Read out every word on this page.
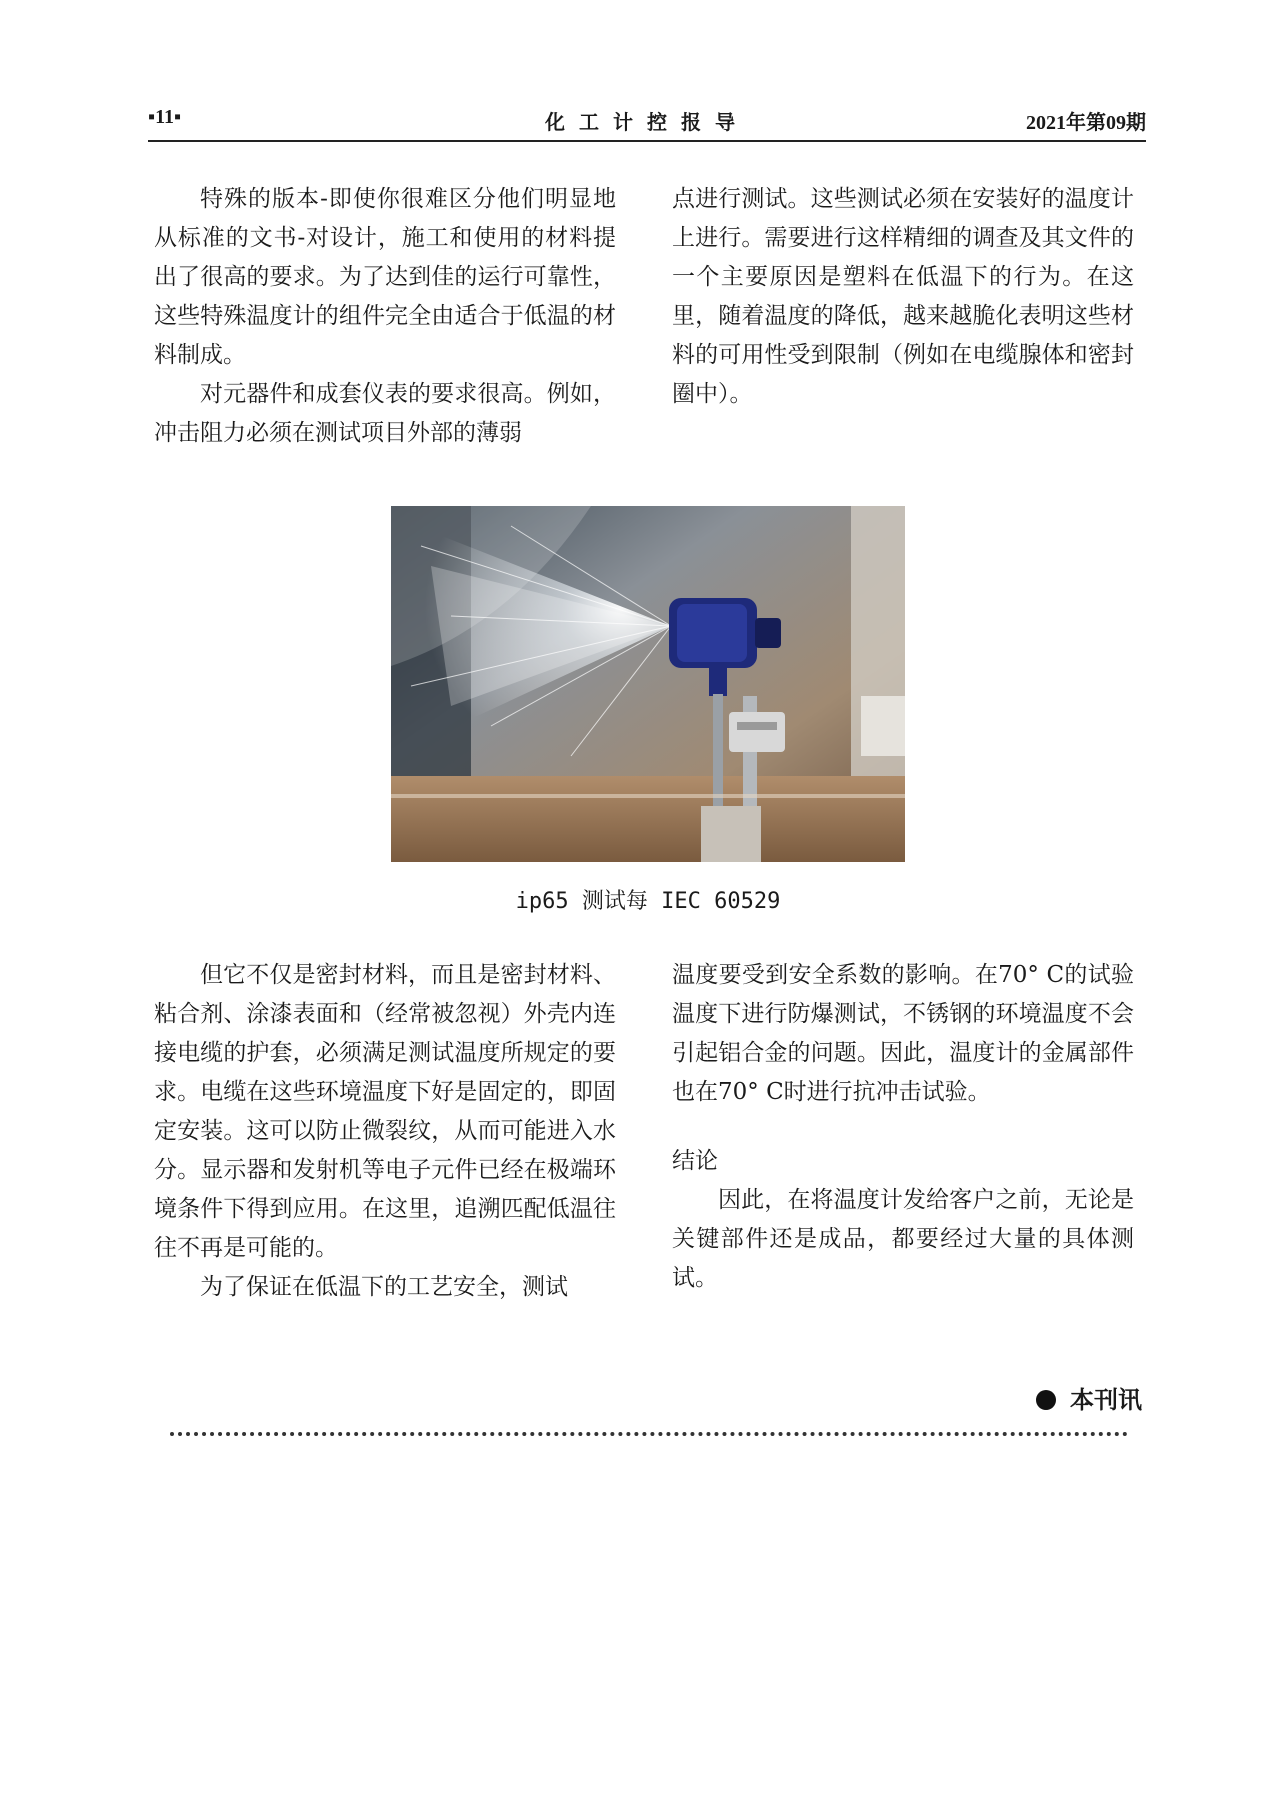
▪11▪	化工计控报导	2021年第09期

特殊的版本-即使你很难区分他们明显地从标准的文书-对设计，施工和使用的材料提出了很高的要求。为了达到佳的运行可靠性，这些特殊温度计的组件完全由适合于低温的材料制成。

对元器件和成套仪表的要求很高。例如，冲击阻力必须在测试项目外部的薄弱

点进行测试。这些测试必须在安装好的温度计上进行。需要进行这样精细的调查及其文件的一个主要原因是塑料在低温下的行为。在这里，随着温度的降低，越来越脆化表明这些材料的可用性受到限制（例如在电缆腺体和密封圈中）。

ip65 测试每 IEC 60529

但它不仅是密封材料，而且是密封材料、粘合剂、涂漆表面和（经常被忽视）外壳内连接电缆的护套，必须满足测试温度所规定的要求。电缆在这些环境温度下好是固定的，即固定安装。这可以防止微裂纹，从而可能进入水分。显示器和发射机等电子元件已经在极端环境条件下得到应用。在这里，追溯匹配低温往往不再是可能的。

为了保证在低温下的工艺安全，测试

温度要受到安全系数的影响。在70° C的试验温度下进行防爆测试，不锈钢的环境温度不会引起铝合金的问题。因此，温度计的金属部件也在70° C时进行抗冲击试验。

结论

因此，在将温度计发给客户之前，无论是关键部件还是成品，都要经过大量的具体测试。

本刊讯
